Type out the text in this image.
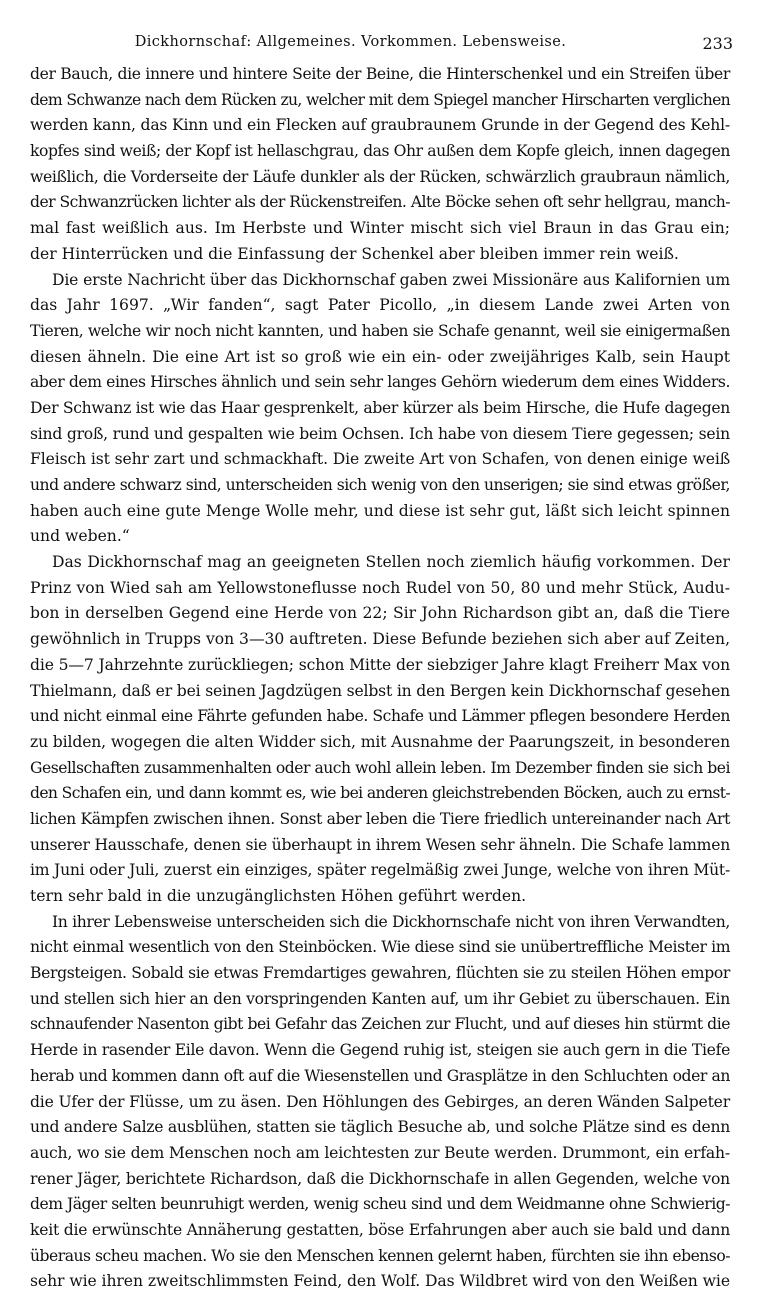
Dickhornschaf: Allgemeines. Vorkommen. Lebensweise.	233
der Bauch, die innere und hintere Seite der Beine, die Hinterschenkel und ein Streifen über
dem Schwanze nach dem Rücken zu, welcher mit dem Spiegel mancher Hirscharten verglichen
werden kann, das Kinn und ein Flecken auf graubraunem Grunde in der Gegend des Kehl-
kopfes sind weiß; der Kopf ist hellaschgrau, das Ohr außen dem Kopfe gleich, innen dagegen
weißlich, die Vorderseite der Läufe dunkler als der Rücken, schwärzlich graubraun nämlich,
der Schwanzrücken lichter als der Rückenstreifen. Alte Böcke sehen oft sehr hellgrau, manch-
mal fast weißlich aus. Im Herbste und Winter mischt sich viel Braun in das Grau ein;
der Hinterrücken und die Einfassung der Schenkel aber bleiben immer rein weiß.
Die erste Nachricht über das Dickhornschaf gaben zwei Missionäre aus Kalifornien um
das Jahr 1697. „Wir fanden“, sagt Pater Picollo, „in diesem Lande zwei Arten von
Tieren, welche wir noch nicht kannten, und haben sie Schafe genannt, weil sie einigermaßen
diesen ähneln. Die eine Art ist so groß wie ein ein- oder zweijähriges Kalb, sein Haupt
aber dem eines Hirsches ähnlich und sein sehr langes Gehörn wiederum dem eines Widders.
Der Schwanz ist wie das Haar gesprenkelt, aber kürzer als beim Hirsche, die Hufe dagegen
sind groß, rund und gespalten wie beim Ochsen. Ich habe von diesem Tiere gegessen; sein
Fleisch ist sehr zart und schmackhaft. Die zweite Art von Schafen, von denen einige weiß
und andere schwarz sind, unterscheiden sich wenig von den unserigen; sie sind etwas größer,
haben auch eine gute Menge Wolle mehr, und diese ist sehr gut, läßt sich leicht spinnen
und weben.“
Das Dickhornschaf mag an geeigneten Stellen noch ziemlich häufig vorkommen. Der
Prinz von Wied sah am Yellowstoneflusse noch Rudel von 50, 80 und mehr Stück, Audu-
bon in derselben Gegend eine Herde von 22; Sir John Richardson gibt an, daß die Tiere
gewöhnlich in Trupps von 3—30 auftreten. Diese Befunde beziehen sich aber auf Zeiten,
die 5—7 Jahrzehnte zurückliegen; schon Mitte der siebziger Jahre klagt Freiherr Max von
Thielmann, daß er bei seinen Jagdzügen selbst in den Bergen kein Dickhornschaf gesehen
und nicht einmal eine Fährte gefunden habe. Schafe und Lämmer pflegen besondere Herden
zu bilden, wogegen die alten Widder sich, mit Ausnahme der Paarungszeit, in besonderen
Gesellschaften zusammenhalten oder auch wohl allein leben. Im Dezember finden sie sich bei
den Schafen ein, und dann kommt es, wie bei anderen gleichstrebenden Böcken, auch zu ernst-
lichen Kämpfen zwischen ihnen. Sonst aber leben die Tiere friedlich untereinander nach Art
unserer Hausschafe, denen sie überhaupt in ihrem Wesen sehr ähneln. Die Schafe lammen
im Juni oder Juli, zuerst ein einziges, später regelmäßig zwei Junge, welche von ihren Müt-
tern sehr bald in die unzugänglichsten Höhen geführt werden.
In ihrer Lebensweise unterscheiden sich die Dickhornschafe nicht von ihren Verwandten,
nicht einmal wesentlich von den Steinböcken. Wie diese sind sie unübertreffliche Meister im
Bergsteigen. Sobald sie etwas Fremdartiges gewahren, flüchten sie zu steilen Höhen empor
und stellen sich hier an den vorspringenden Kanten auf, um ihr Gebiet zu überschauen. Ein
schnaufender Nasenton gibt bei Gefahr das Zeichen zur Flucht, und auf dieses hin stürmt die
Herde in rasender Eile davon. Wenn die Gegend ruhig ist, steigen sie auch gern in die Tiefe
herab und kommen dann oft auf die Wiesenstellen und Grasplätze in den Schluchten oder an
die Ufer der Flüsse, um zu äsen. Den Höhlungen des Gebirges, an deren Wänden Salpeter
und andere Salze ausblühen, statten sie täglich Besuche ab, und solche Plätze sind es denn
auch, wo sie dem Menschen noch am leichtesten zur Beute werden. Drummont, ein erfah-
rener Jäger, berichtete Richardson, daß die Dickhornschafe in allen Gegenden, welche von
dem Jäger selten beunruhigt werden, wenig scheu sind und dem Weidmanne ohne Schwierig-
keit die erwünschte Annäherung gestatten, böse Erfahrungen aber auch sie bald und dann
überaus scheu machen. Wo sie den Menschen kennen gelernt haben, fürchten sie ihn ebenso-
sehr wie ihren zweitschlimmsten Feind, den Wolf. Das Wildbret wird von den Weißen wie
